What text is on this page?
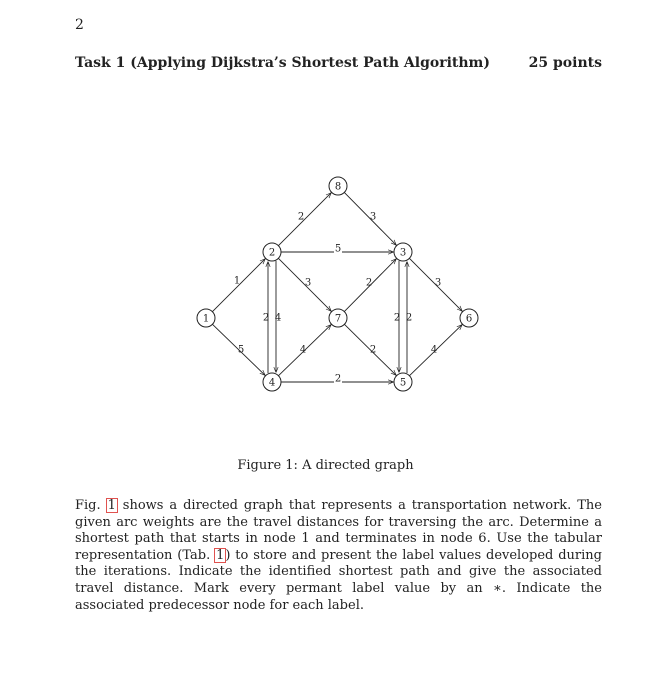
2
Task 1 (Applying Dijkstra’s Shortest Path Algorithm)	25 points
1
5
2	3
5
3	2	3
2 4	2 2
4	2
2
4
1
2	3
4	5
6
7
8
Figure 1: A directed graph
Fig. 1 shows a directed graph that represents a transportation network. The given arc weights are the travel distances for traversing the arc. Determine a shortest path that starts in node 1 and terminates in node 6. Use the tabular representation (Tab. 1) to store and present the label values developed during the iterations. Indicate the identified shortest path and give the associated travel distance. Mark every permant label value by an ∗. Indicate the associated predecessor node for each label.
